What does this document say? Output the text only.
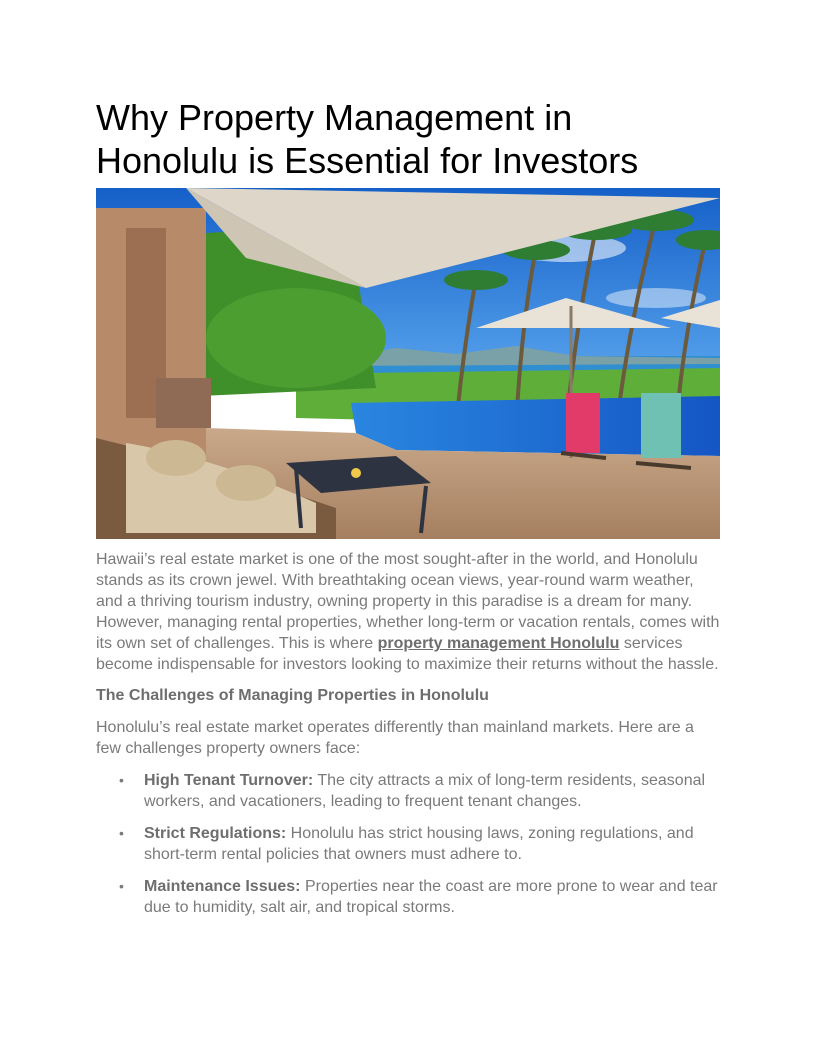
Why Property Management in
Honolulu is Essential for Investors

Hawaii’s real estate market is one of the most sought-after in the world, and Honolulu stands as its crown jewel. With breathtaking ocean views, year-round warm weather, and a thriving tourism industry, owning property in this paradise is a dream for many. However, managing rental properties, whether long-term or vacation rentals, comes with its own set of challenges. This is where property management Honolulu services become indispensable for investors looking to maximize their returns without the hassle.

The Challenges of Managing Properties in Honolulu

Honolulu’s real estate market operates differently than mainland markets. Here are a few challenges property owners face:

• High Tenant Turnover: The city attracts a mix of long-term residents, seasonal workers, and vacationers, leading to frequent tenant changes.
• Strict Regulations: Honolulu has strict housing laws, zoning regulations, and short-term rental policies that owners must adhere to.
• Maintenance Issues: Properties near the coast are more prone to wear and tear due to humidity, salt air, and tropical storms.
